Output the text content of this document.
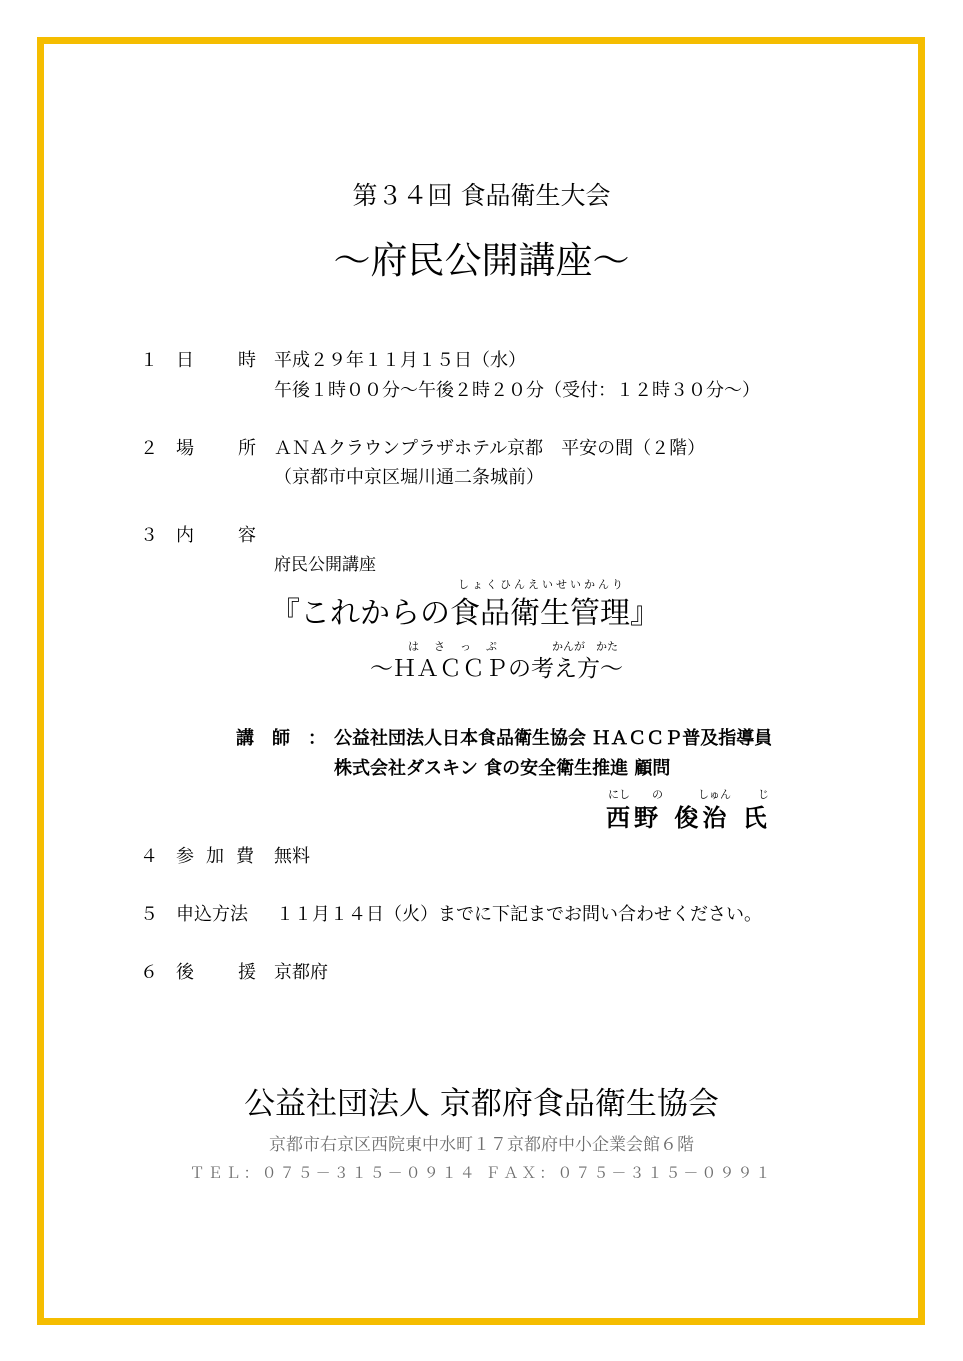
第３４回 食品衛生大会
～府民公開講座～
１ 日 時 平成２９年１１月１５日（水）
午後１時００分～午後２時２０分（受付：１２時３０分～）
２ 場 所 ＡＮＡクラウンプラザホテル京都　平安の間（２階）
（京都市中京区堀川通二条城前）
３ 内 容
府民公開講座
しょくひんえいせいかんり
『これからの食品衛生管理』
は　さ　っ　ぷ	かんが　かた
～ＨＡＣＣＰの考え方～
講　師　： 公益社団法人日本食品衛生協会 ＨＡＣＣＰ普及指導員
株式会社ダスキン 食の安全衛生推進 顧問
にし の	しゅん じ
西野 俊治 氏
４ 参 加 費 無料
５ 申込方法 １１月１４日（火）までに下記までお問い合わせください。
６ 後 援 京都府
公益社団法人 京都府食品衛生協会
京都市右京区西院東中水町１７京都府中小企業会館６階
ＴＥＬ：０７５－３１５－０９１４ ＦＡＸ：０７５－３１５－０９９１
